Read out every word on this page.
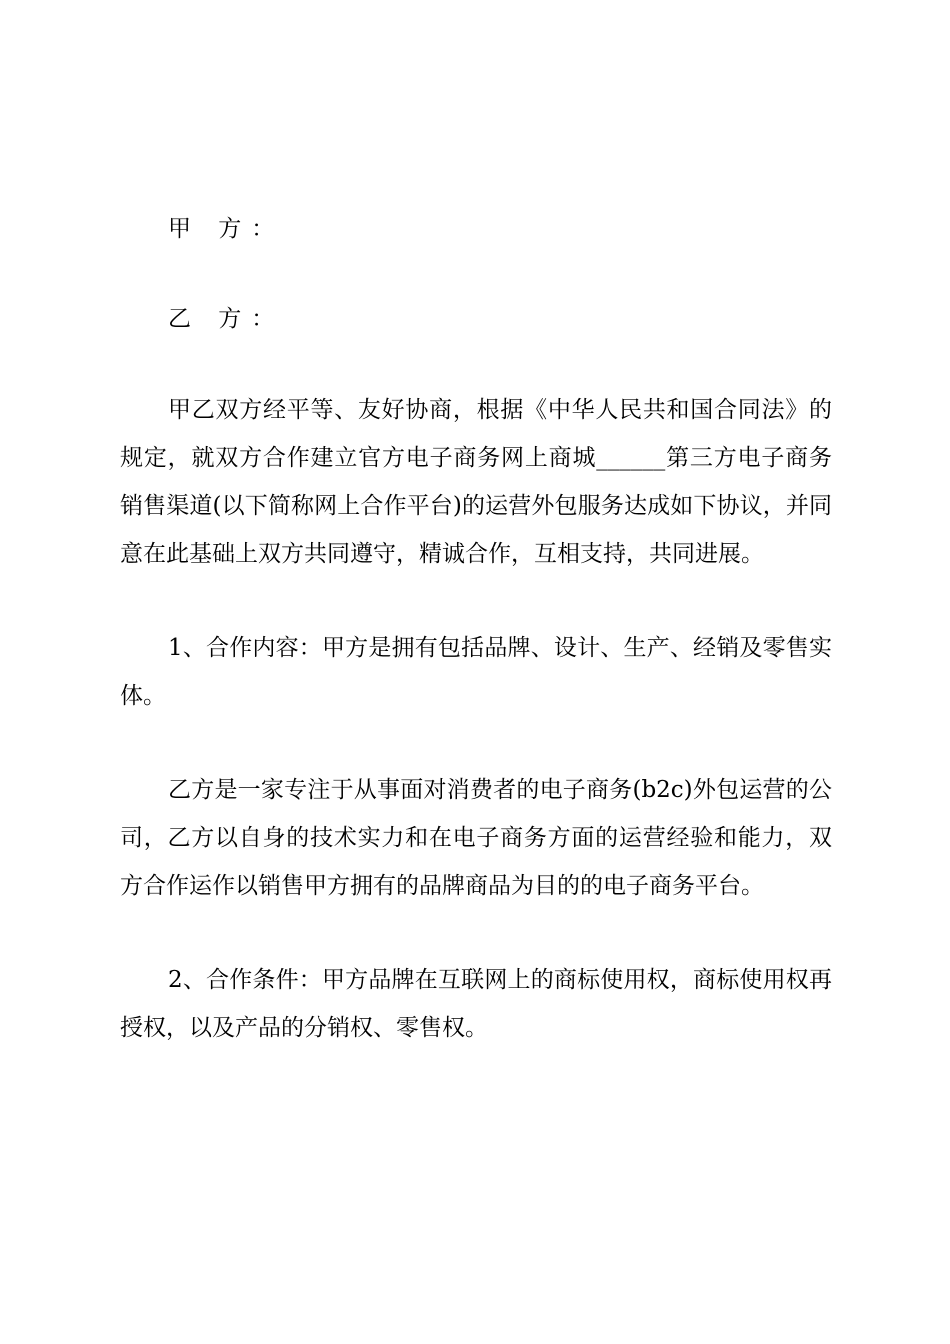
甲 方：

乙 方：

甲乙双方经平等、友好协商，根据《中华人民共和国合同法》的规定，就双方合作建立官方电子商务网上商城______第三方电子商务销售渠道(以下简称网上合作平台)的运营外包服务达成如下协议，并同意在此基础上双方共同遵守，精诚合作，互相支持，共同进展。

1、合作内容：甲方是拥有包括品牌、设计、生产、经销及零售实体。

乙方是一家专注于从事面对消费者的电子商务(b2c)外包运营的公司，乙方以自身的技术实力和在电子商务方面的运营经验和能力，双方合作运作以销售甲方拥有的品牌商品为目的的电子商务平台。

2、合作条件：甲方品牌在互联网上的商标使用权，商标使用权再授权，以及产品的分销权、零售权。
